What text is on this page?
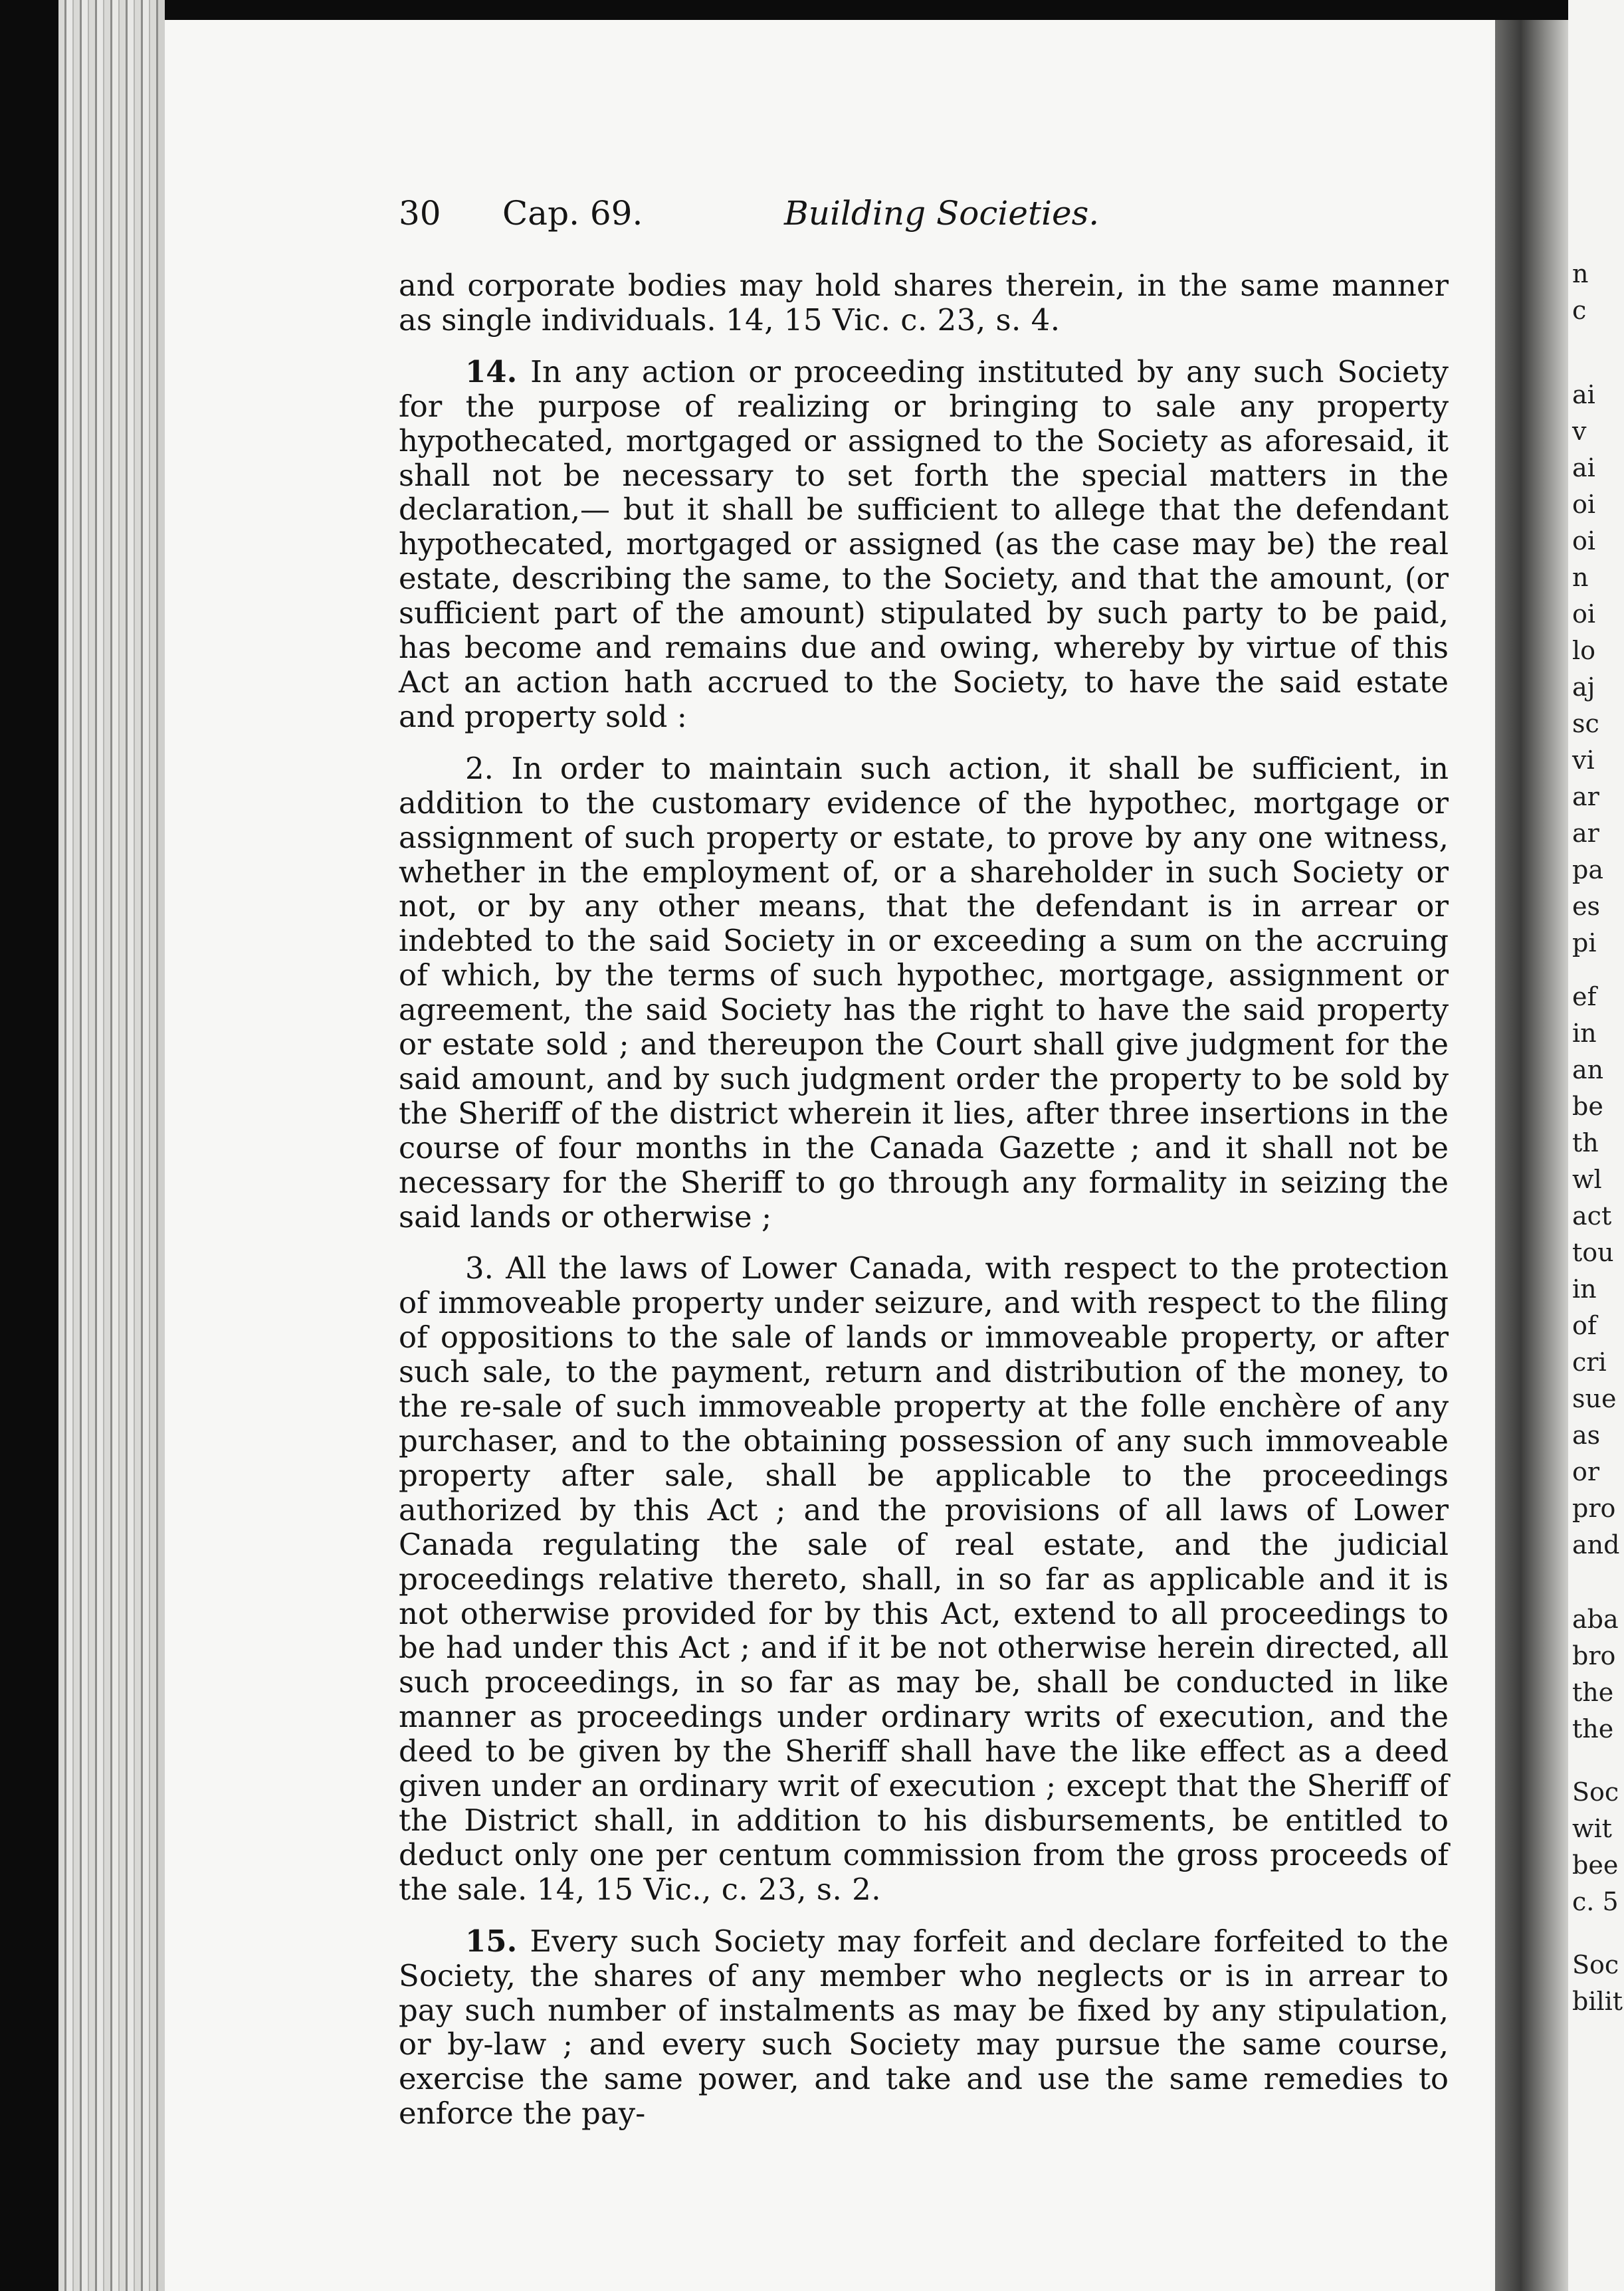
30 Cap. 69.	Building Societies.

and corporate bodies may hold shares therein, in the same manner as single individuals. 14, 15 Vic. c. 23, s. 4.

14. In any action or proceeding instituted by any such Society for the purpose of realizing or bringing to sale any property hypothecated, mortgaged or assigned to the Society as aforesaid, it shall not be necessary to set forth the special matters in the declaration,— but it shall be sufficient to allege that the defendant hypothecated, mortgaged or assigned (as the case may be) the real estate, describing the same, to the Society, and that the amount, (or sufficient part of the amount) stipulated by such party to be paid, has become and remains due and owing, whereby by virtue of this Act an action hath accrued to the Society, to have the said estate and property sold :

2. In order to maintain such action, it shall be sufficient, in addition to the customary evidence of the hypothec, mortgage or assignment of such property or estate, to prove by any one witness, whether in the employment of, or a shareholder in such Society or not, or by any other means, that the defendant is in arrear or indebted to the said Society in or exceeding a sum on the accruing of which, by the terms of such hypothec, mortgage, assignment or agreement, the said Society has the right to have the said property or estate sold ; and thereupon the Court shall give judgment for the said amount, and by such judgment order the property to be sold by the Sheriff of the district wherein it lies, after three insertions in the course of four months in the Canada Gazette ; and it shall not be necessary for the Sheriff to go through any formality in seizing the said lands or otherwise ;

3. All the laws of Lower Canada, with respect to the protection of immoveable property under seizure, and with respect to the filing of oppositions to the sale of lands or immoveable property, or after such sale, to the payment, return and distribution of the money, to the re-sale of such immoveable property at the folle enchère of any purchaser, and to the obtaining possession of any such immoveable property after sale, shall be applicable to the proceedings authorized by this Act ; and the provisions of all laws of Lower Canada regulating the sale of real estate, and the judicial proceedings relative thereto, shall, in so far as applicable and it is not otherwise provided for by this Act, extend to all proceedings to be had under this Act ; and if it be not otherwise herein directed, all such proceedings, in so far as may be, shall be conducted in like manner as proceedings under ordinary writs of execution, and the deed to be given by the Sheriff shall have the like effect as a deed given under an ordinary writ of execution ; except that the Sheriff of the District shall, in addition to his disbursements, be entitled to deduct only one per centum commission from the gross proceeds of the sale. 14, 15 Vic., c. 23, s. 2.

15. Every such Society may forfeit and declare forfeited to the Society, the shares of any member who neglects or is in arrear to pay such number of instalments as may be fixed by any stipulation, or by-law ; and every such Society may pursue the same course, exercise the same power, and take and use the same remedies to enforce the pay-

n
c
ai
v
ai
oi
oi
n
oi
lo
aj
sc
vi
ar
ar
pa
es
pi
ef
in
an
be
th
wl
act
tou
in
of
cri
sue
as
or
pro
and
aba
bro
the
the
Soc
wit
bee
c. 5
Soc
bilit
